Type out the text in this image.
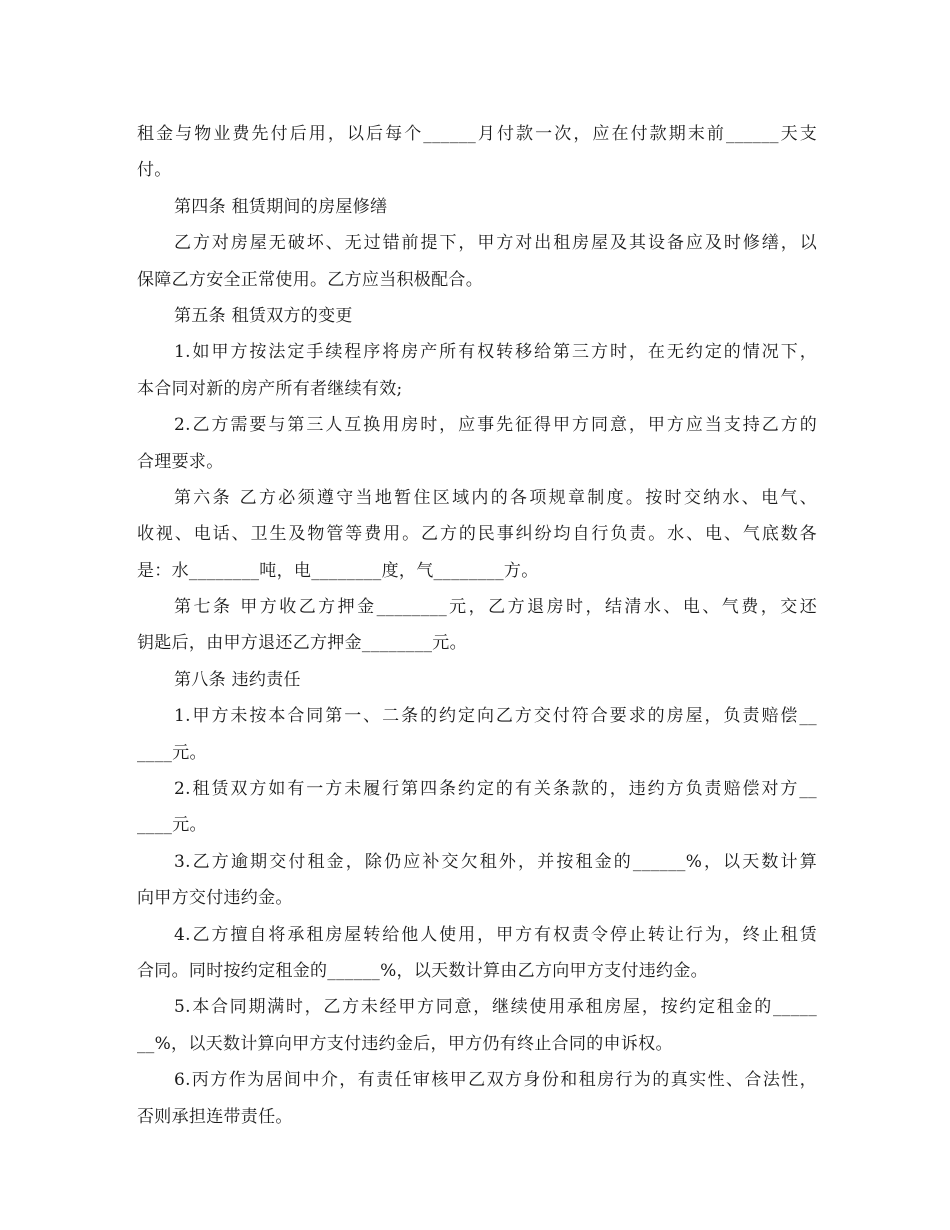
租金与物业费先付后用，以后每个______月付款一次，应在付款期末前______天支
付。
第四条 租赁期间的房屋修缮
乙方对房屋无破坏、无过错前提下，甲方对出租房屋及其设备应及时修缮，以
保障乙方安全正常使用。乙方应当积极配合。
第五条 租赁双方的变更
1.如甲方按法定手续程序将房产所有权转移给第三方时，在无约定的情况下，
本合同对新的房产所有者继续有效;
2.乙方需要与第三人互换用房时，应事先征得甲方同意，甲方应当支持乙方的
合理要求。
第六条 乙方必须遵守当地暂住区域内的各项规章制度。按时交纳水、电气、
收视、电话、卫生及物管等费用。乙方的民事纠纷均自行负责。水、电、气底数各
是：水________吨，电________度，气________方。
第七条 甲方收乙方押金________元，乙方退房时，结清水、电、气费，交还
钥匙后，由甲方退还乙方押金________元。
第八条 违约责任
1.甲方未按本合同第一、二条的约定向乙方交付符合要求的房屋，负责赔偿__
____元。
2.租赁双方如有一方未履行第四条约定的有关条款的，违约方负责赔偿对方__
____元。
3.乙方逾期交付租金，除仍应补交欠租外，并按租金的______%，以天数计算
向甲方交付违约金。
4.乙方擅自将承租房屋转给他人使用，甲方有权责令停止转让行为，终止租赁
合同。同时按约定租金的______%，以天数计算由乙方向甲方支付违约金。
5.本合同期满时，乙方未经甲方同意，继续使用承租房屋，按约定租金的_____
__%，以天数计算向甲方支付违约金后，甲方仍有终止合同的申诉权。
6.丙方作为居间中介，有责任审核甲乙双方身份和租房行为的真实性、合法性，
否则承担连带责任。
